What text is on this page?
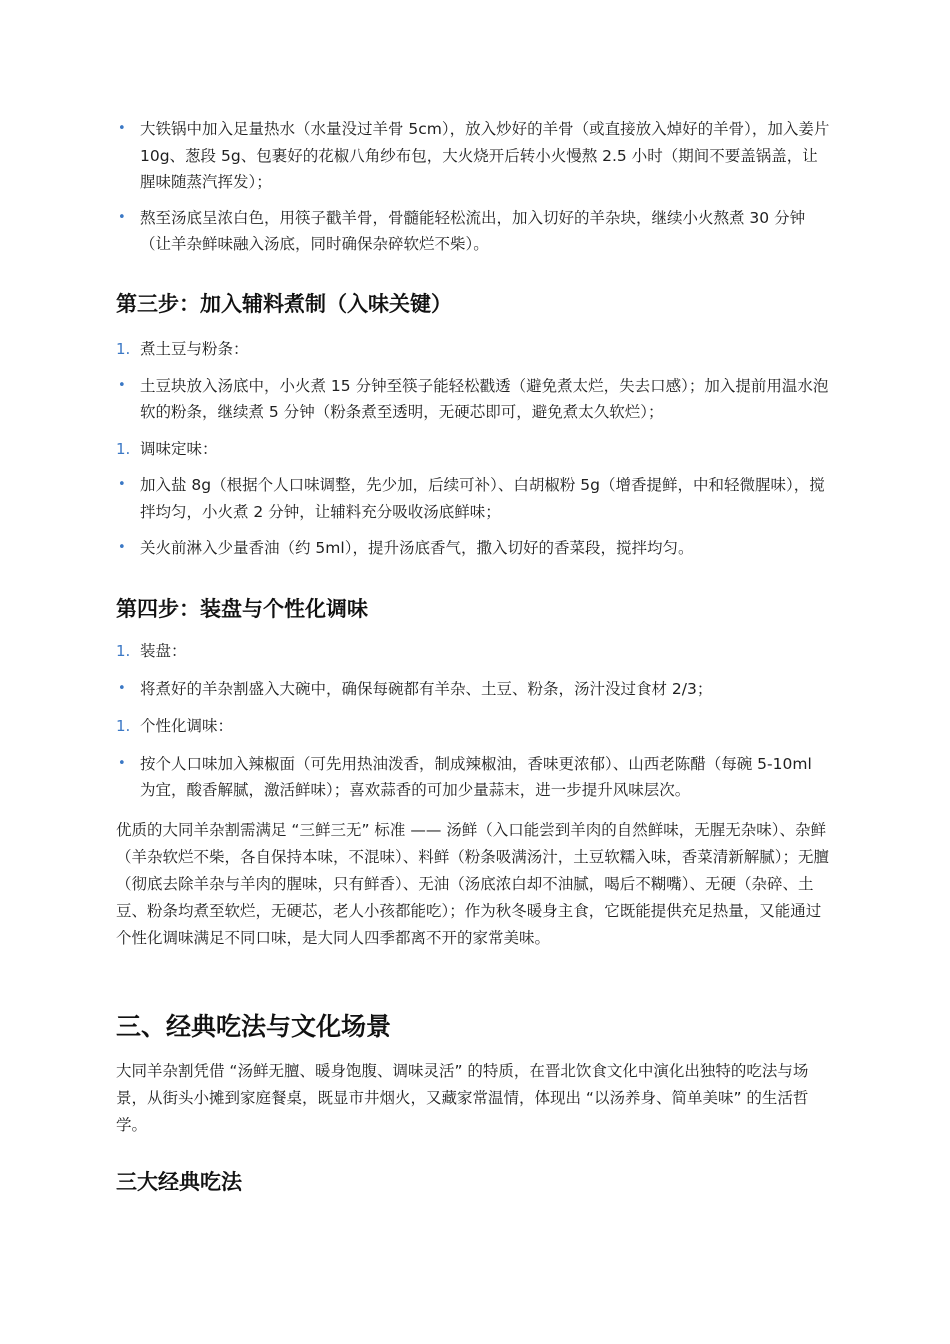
• 大铁锅中加入足量热水（水量没过羊骨 5cm），放入炒好的羊骨（或直接放入焯好的羊骨），加入姜片 10g、葱段 5g、包裹好的花椒八角纱布包，大火烧开后转小火慢熬 2.5 小时（期间不要盖锅盖，让腥味随蒸汽挥发）；
• 熬至汤底呈浓白色，用筷子戳羊骨，骨髓能轻松流出，加入切好的羊杂块，继续小火熬煮 30 分钟（让羊杂鲜味融入汤底，同时确保杂碎软烂不柴）。
第三步：加入辅料煮制（入味关键）
1. 煮土豆与粉条：
• 土豆块放入汤底中，小火煮 15 分钟至筷子能轻松戳透（避免煮太烂，失去口感）；加入提前用温水泡软的粉条，继续煮 5 分钟（粉条煮至透明，无硬芯即可，避免煮太久软烂）；
1. 调味定味：
• 加入盐 8g（根据个人口味调整，先少加，后续可补）、白胡椒粉 5g（增香提鲜，中和轻微腥味），搅拌均匀，小火煮 2 分钟，让辅料充分吸收汤底鲜味；
• 关火前淋入少量香油（约 5ml），提升汤底香气，撒入切好的香菜段，搅拌均匀。
第四步：装盘与个性化调味
1. 装盘：
• 将煮好的羊杂割盛入大碗中，确保每碗都有羊杂、土豆、粉条，汤汁没过食材 2/3；
1. 个性化调味：
• 按个人口味加入辣椒面（可先用热油泼香，制成辣椒油，香味更浓郁）、山西老陈醋（每碗 5-10ml 为宜，酸香解腻，激活鲜味）；喜欢蒜香的可加少量蒜末，进一步提升风味层次。

优质的大同羊杂割需满足 “三鲜三无” 标准 —— 汤鲜（入口能尝到羊肉的自然鲜味，无腥无杂味）、杂鲜（羊杂软烂不柴，各自保持本味，不混味）、料鲜（粉条吸满汤汁，土豆软糯入味，香菜清新解腻）；无膻（彻底去除羊杂与羊肉的腥味，只有鲜香）、无油（汤底浓白却不油腻，喝后不糊嘴）、无硬（杂碎、土豆、粉条均煮至软烂，无硬芯，老人小孩都能吃）；作为秋冬暖身主食，它既能提供充足热量，又能通过个性化调味满足不同口味，是大同人四季都离不开的家常美味。

三、经典吃法与文化场景

大同羊杂割凭借 “汤鲜无膻、暖身饱腹、调味灵活” 的特质，在晋北饮食文化中演化出独特的吃法与场景，从街头小摊到家庭餐桌，既显市井烟火，又藏家常温情，体现出 “以汤养身、简单美味” 的生活哲学。

三大经典吃法
